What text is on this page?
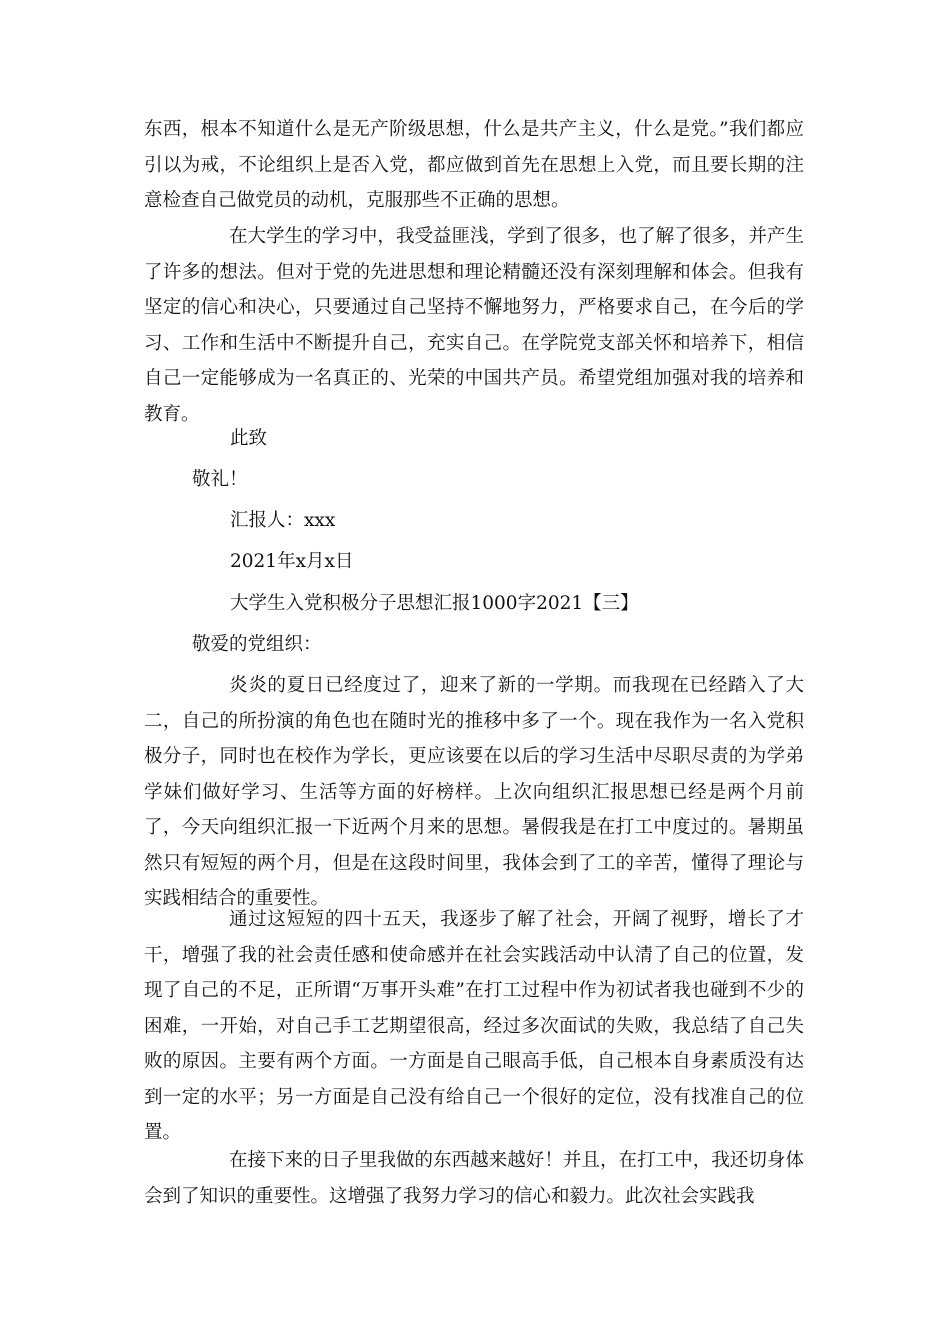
东西，根本不知道什么是无产阶级思想，什么是共产主义，什么是党。”我们都应引以为戒，不论组织上是否入党，都应做到首先在思想上入党，而且要长期的注意检查自己做党员的动机，克服那些不正确的思想。

在大学生的学习中，我受益匪浅，学到了很多，也了解了很多，并产生了许多的想法。但对于党的先进思想和理论精髓还没有深刻理解和体会。但我有坚定的信心和决心，只要通过自己坚持不懈地努力，严格要求自己，在今后的学习、工作和生活中不断提升自己，充实自己。在学院党支部关怀和培养下，相信自己一定能够成为一名真正的、光荣的中国共产员。希望党组加强对我的培养和教育。

此致

敬礼！

汇报人：xxx

2021年x月x日

大学生入党积极分子思想汇报1000字2021【三】

敬爱的党组织：

炎炎的夏日已经度过了，迎来了新的一学期。而我现在已经踏入了大二，自己的所扮演的角色也在随时光的推移中多了一个。现在我作为一名入党积极分子，同时也在校作为学长，更应该要在以后的学习生活中尽职尽责的为学弟学妹们做好学习、生活等方面的好榜样。上次向组织汇报思想已经是两个月前了，今天向组织汇报一下近两个月来的思想。暑假我是在打工中度过的。暑期虽然只有短短的两个月，但是在这段时间里，我体会到了工的辛苦，懂得了理论与实践相结合的重要性。

通过这短短的四十五天，我逐步了解了社会，开阔了视野，增长了才干，增强了我的社会责任感和使命感并在社会实践活动中认清了自己的位置，发现了自己的不足，正所谓“万事开头难”在打工过程中作为初试者我也碰到不少的困难，一开始，对自己手工艺期望很高，经过多次面试的失败，我总结了自己失败的原因。主要有两个方面。一方面是自己眼高手低，自己根本自身素质没有达到一定的水平；另一方面是自己没有给自己一个很好的定位，没有找准自己的位置。

在接下来的日子里我做的东西越来越好！并且，在打工中，我还切身体会到了知识的重要性。这增强了我努力学习的信心和毅力。此次社会实践我
